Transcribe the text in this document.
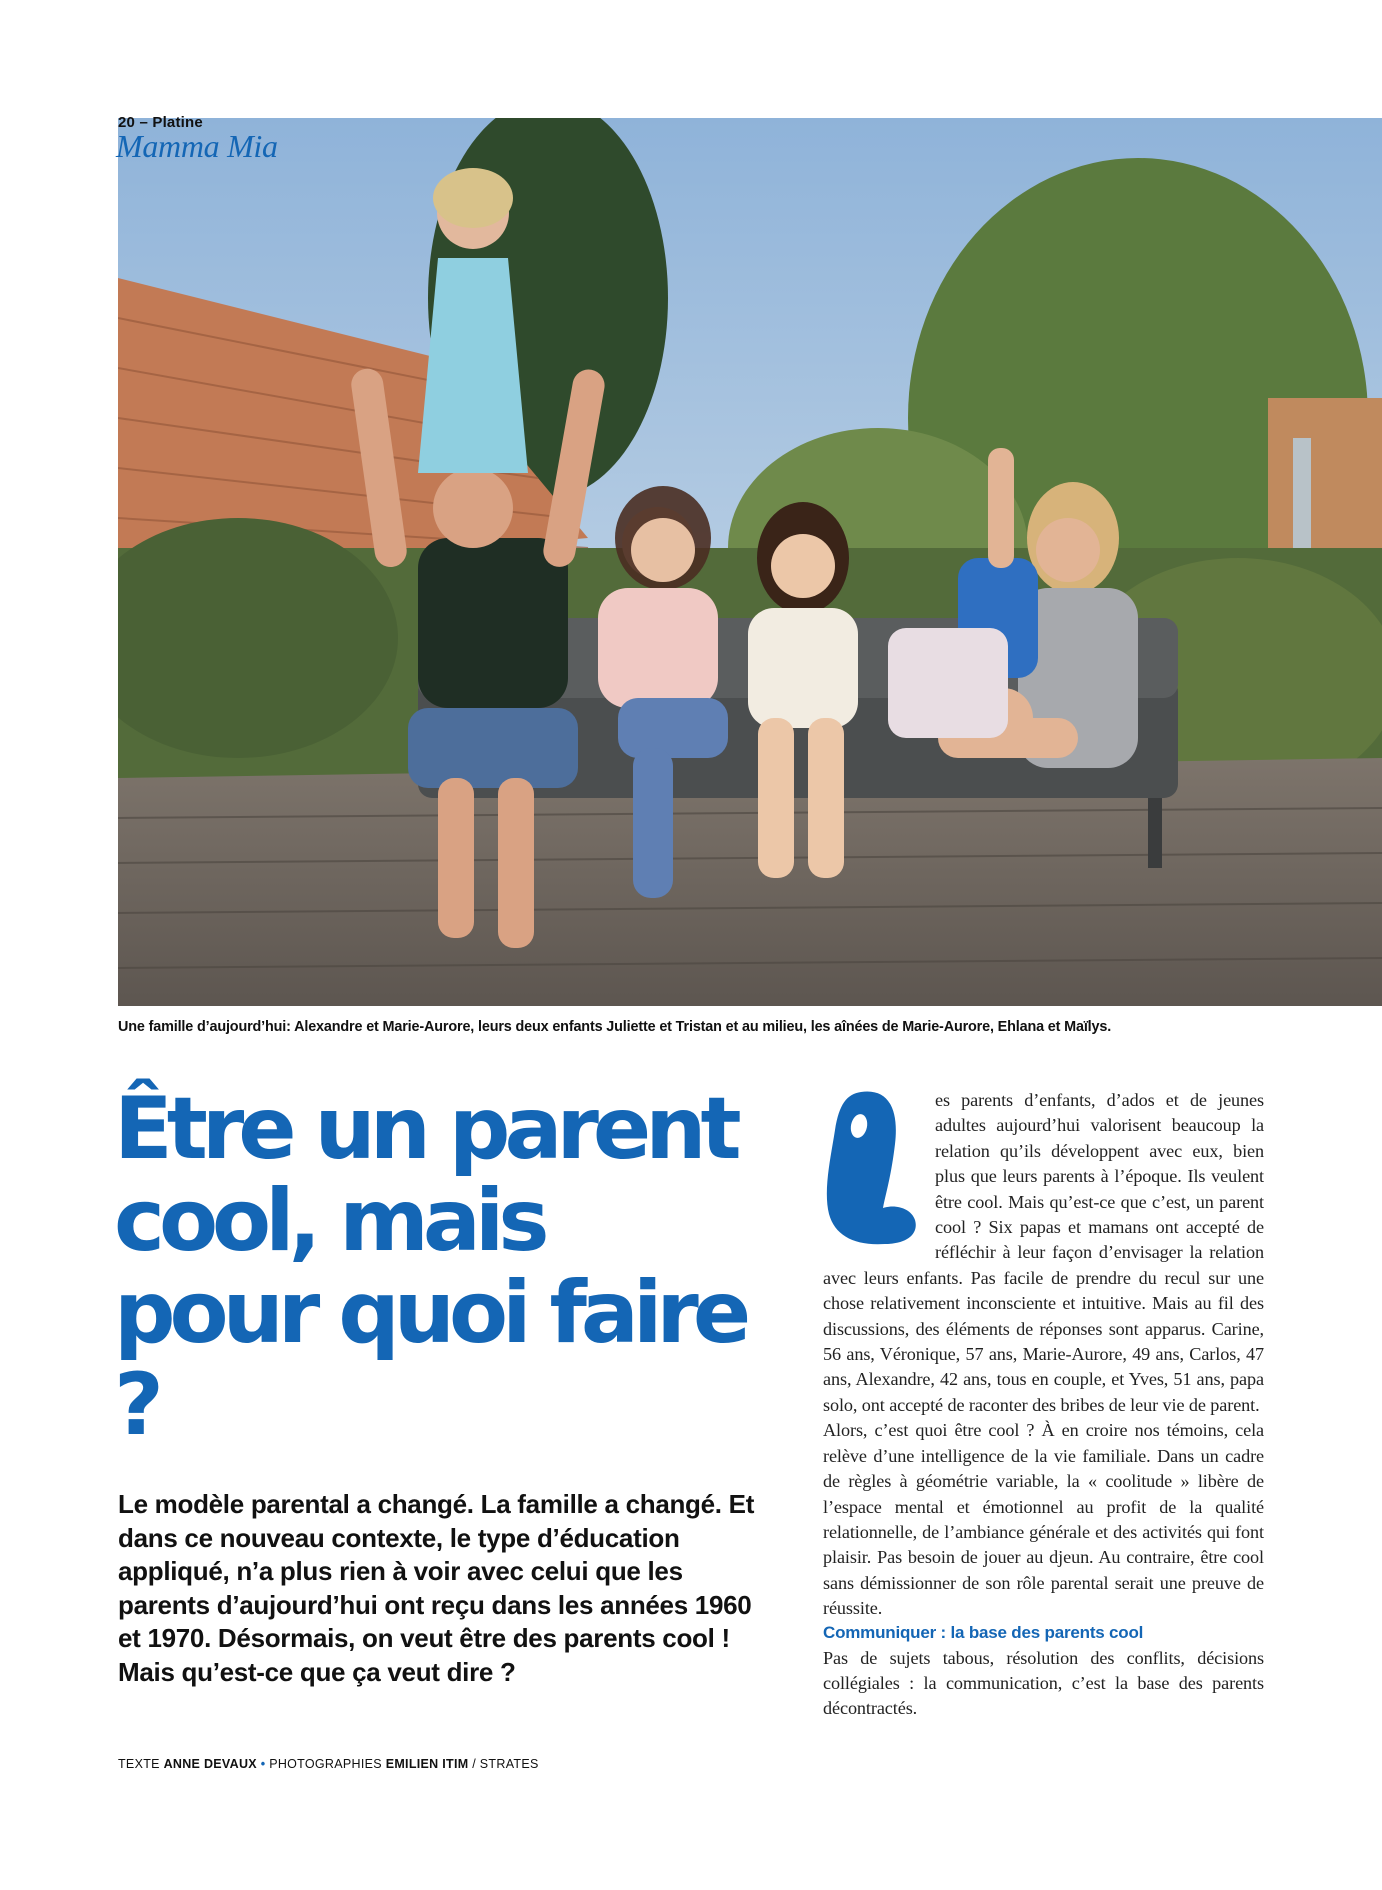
20 – Platine
Mamma Mia
Une famille d’aujourd’hui: Alexandre et Marie-Aurore, leurs deux enfants Juliette et Tristan et au milieu, les aînées de Marie-Aurore, Ehlana et Maïlys.
Être un parent
cool, mais
pour quoi faire ?

Le modèle parental a changé. La famille a changé. Et dans ce nouveau contexte, le type d’éducation appliqué, n’a plus rien à voir avec celui que les parents d’aujourd’hui ont reçu dans les années 1960 et 1970. Désormais, on veut être des parents cool ! Mais qu’est-ce que ça veut dire ?

TEXTE ANNE DEVAUX • PHOTOGRAPHIES EMILIEN ITIM / STRATES
L

es parents d’enfants, d’ados et de jeunes adultes aujourd’hui valorisent beaucoup la relation qu’ils développent avec eux, bien plus que leurs parents à l’époque. Ils veulent être cool. Mais qu’est-ce que c’est, un parent cool ? Six papas et mamans ont accepté de réfléchir à leur façon d’envisager la relation avec leurs enfants. Pas facile de prendre du recul sur une chose relativement inconsciente et intuitive. Mais au fil des discussions, des éléments de réponses sont apparus. Carine, 56 ans, Véronique, 57 ans, Marie-Aurore, 49 ans, Carlos, 47 ans, Alexandre, 42 ans, tous en couple, et Yves, 51 ans, papa solo, ont accepté de raconter des bribes de leur vie de parent.

Alors, c’est quoi être cool ? À en croire nos témoins, cela relève d’une intelligence de la vie familiale. Dans un cadre de règles à géométrie variable, la « coolitude » libère de l’espace mental et émotionnel au profit de la qualité relationnelle, de l’ambiance générale et des activités qui font plaisir. Pas besoin de jouer au djeun. Au contraire, être cool sans démissionner de son rôle parental serait une preuve de réussite.

Communiquer : la base des parents cool

Pas de sujets tabous, résolution des conflits, décisions collégiales : la communication, c’est la base des parents décontractés.
